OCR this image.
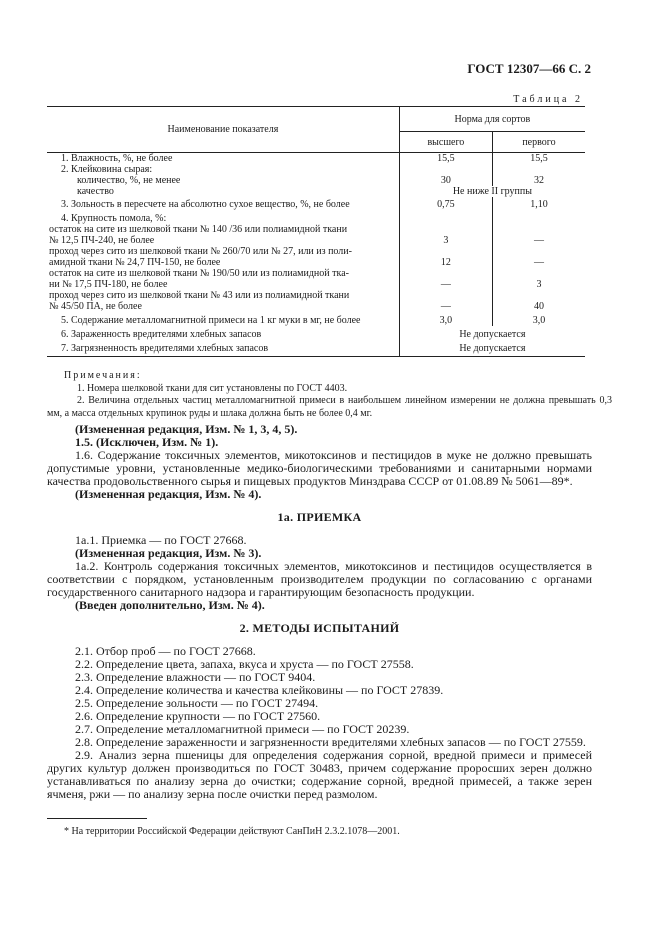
ГОСТ 12307—66 С. 2
Таблица 2
Наименование показателя	Норма для сортов	
	высшего	первого
1. Влажность, %, не более	15,5	15,5
2. Клейковина сырая:		
количество, %, не менее	30	32
качество	Не ниже II группы	
3. Зольность в пересчете на абсолютно сухое вещество, %, не более	0,75	1,10
4. Крупность помола, %:		

остаток на сите из шелковой ткани № 140 /36 или полиамидной ткани
№ 12,5 ПЧ-240, не более	3	—

проход через сито из шелковой ткани № 260/70 или № 27, или из поли-
амидной ткани № 24,7 ПЧ-150, не более	12	—

остаток на сите из шелковой ткани № 190/50 или из полиамидной тка-
ни № 17,5 ПЧ-180, не более	—	3

проход через сито из шелковой ткани № 43 или из полиамидной ткани
№ 45/50 ПА, не более	—	40
5. Содержание металломагнитной примеси на 1 кг муки в мг, не более	3,0	3,0
6. Зараженность вредителями хлебных запасов	Не допускается	
7. Загрязненность вредителями хлебных запасов	Не допускается	

Примечания:

1. Номера шелковой ткани для сит установлены по ГОСТ 4403.

2. Величина отдельных частиц металломагнитной примеси в наибольшем линейном измерении не должна превышать 0,3 мм, а масса отдельных крупинок руды и шлака должна быть не более 0,4 мг.

(Измененная редакция, Изм. № 1, 3, 4, 5).

1.5. (Исключен, Изм. № 1).

1.6. Содержание токсичных элементов, микотоксинов и пестицидов в муке не должно превышать допустимые уровни, установленные медико-биологическими требованиями и санитарными нормами качества продовольственного сырья и пищевых продуктов Минздрава СССР от 01.08.89 № 5061—89*.

(Измененная редакция, Изм. № 4).

1а. ПРИЕМКА

1а.1. Приемка — по ГОСТ 27668.

(Измененная редакция, Изм. № 3).

1а.2. Контроль содержания токсичных элементов, микотоксинов и пестицидов осуществляется в соответствии с порядком, установленным производителем продукции по согласованию с органами государственного санитарного надзора и гарантирующим безопасность продукции.

(Введен дополнительно, Изм. № 4).

2. МЕТОДЫ ИСПЫТАНИЙ

2.1. Отбор проб — по ГОСТ 27668.

2.2. Определение цвета, запаха, вкуса и хруста — по ГОСТ 27558.

2.3. Определение влажности — по ГОСТ 9404.

2.4. Определение количества и качества клейковины — по ГОСТ 27839.

2.5. Определение зольности — по ГОСТ 27494.

2.6. Определение крупности — по ГОСТ 27560.

2.7. Определение металломагнитной примеси — по ГОСТ 20239.

2.8. Определение зараженности и загрязненности вредителями хлебных запасов — по ГОСТ 27559.

2.9. Анализ зерна пшеницы для определения содержания сорной, вредной примеси и примесей других культур должен производиться по ГОСТ 30483, причем содержание проросших зерен должно устанавливаться по анализу зерна до очистки; содержание сорной, вредной примесей, а также зерен ячменя, ржи — по анализу зерна после очистки перед размолом.

* На территории Российской Федерации действуют СанПиН 2.3.2.1078—2001.
